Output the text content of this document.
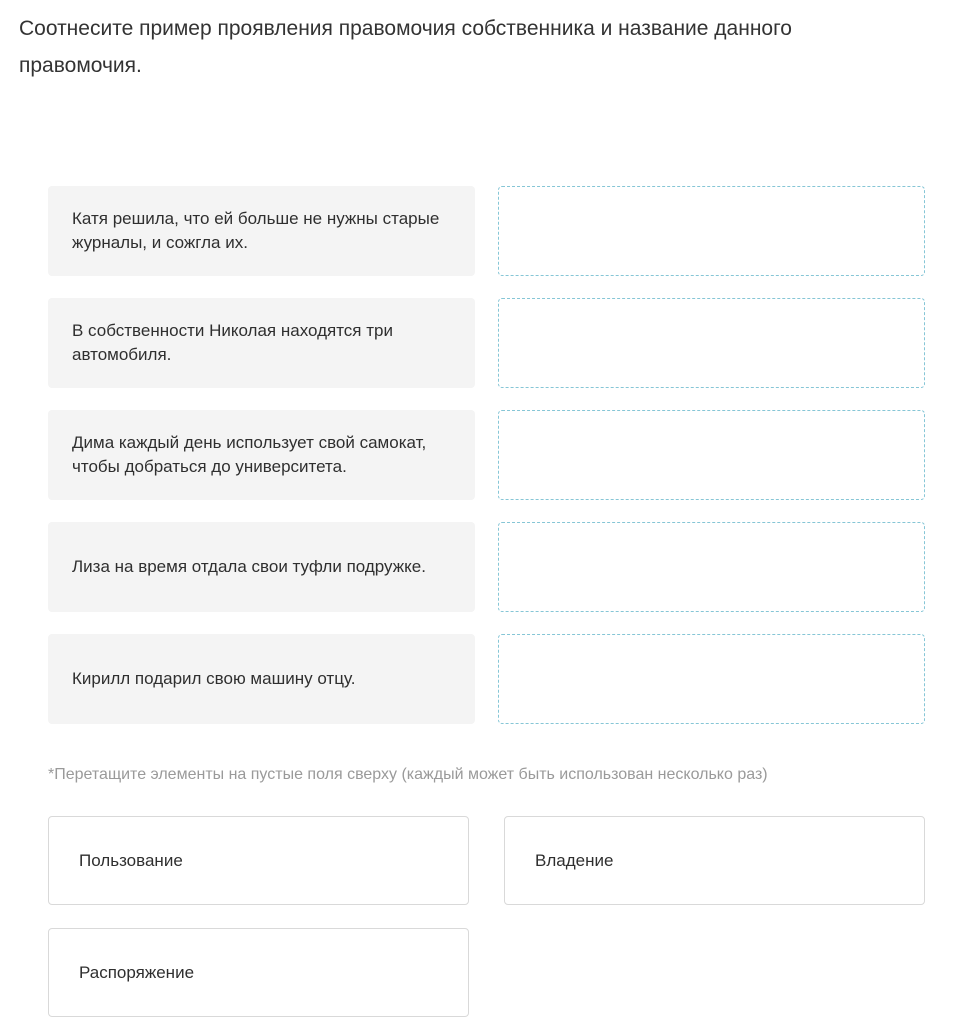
Соотнесите пример проявления правомочия собственника и название данного правомочия.
Катя решила, что ей больше не нужны старые журналы, и сожгла их.
В собственности Николая находятся три автомобиля.
Дима каждый день использует свой самокат, чтобы добраться до университета.
Лиза на время отдала свои туфли подружке.
Кирилл подарил свою машину отцу.

*Перетащите элементы на пустые поля сверху (каждый может быть использован несколько раз)

Пользование	Владение
Распоряжение
